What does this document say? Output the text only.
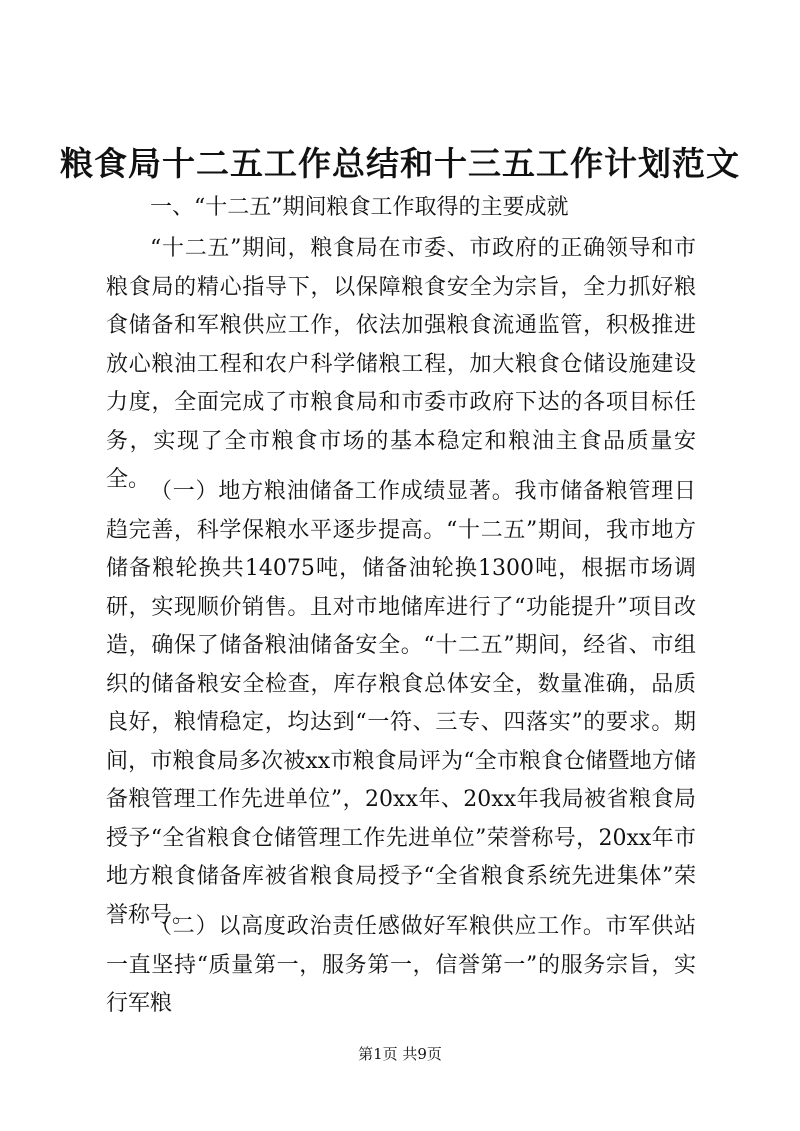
粮食局十二五工作总结和十三五工作计划范文

一、“十二五”期间粮食工作取得的主要成就

“十二五”期间，粮食局在市委、市政府的正确领导和市粮食局的精心指导下，以保障粮食安全为宗旨，全力抓好粮食储备和军粮供应工作，依法加强粮食流通监管，积极推进放心粮油工程和农户科学储粮工程，加大粮食仓储设施建设力度，全面完成了市粮食局和市委市政府下达的各项目标任务，实现了全市粮食市场的基本稳定和粮油主食品质量安全。 （一）地方粮油储备工作成绩显著。我市储备粮管理日趋完善，科学保粮水平逐步提高。“十二五”期间，我市地方储备粮轮换共14075吨，储备油轮换1300吨，根据市场调研，实现顺价销售。且对市地储库进行了“功能提升”项目改造，确保了储备粮油储备安全。“十二五”期间，经省、市组织的储备粮安全检查，库存粮食总体安全，数量准确，品质良好，粮情稳定，均达到“一符、三专、四落实”的要求。期间，市粮食局多次被xx市粮食局评为“全市粮食仓储暨地方储备粮管理工作先进单位”，20xx年、20xx年我局被省粮食局授予“全省粮食仓储管理工作先进单位”荣誉称号，20xx年市地方粮食储备库被省粮食局授予“全省粮食系统先进集体”荣誉称号。

（二）以高度政治责任感做好军粮供应工作。市军供站一直坚持“质量第一，服务第一，信誉第一”的服务宗旨，实行军粮

第1页 共9页
